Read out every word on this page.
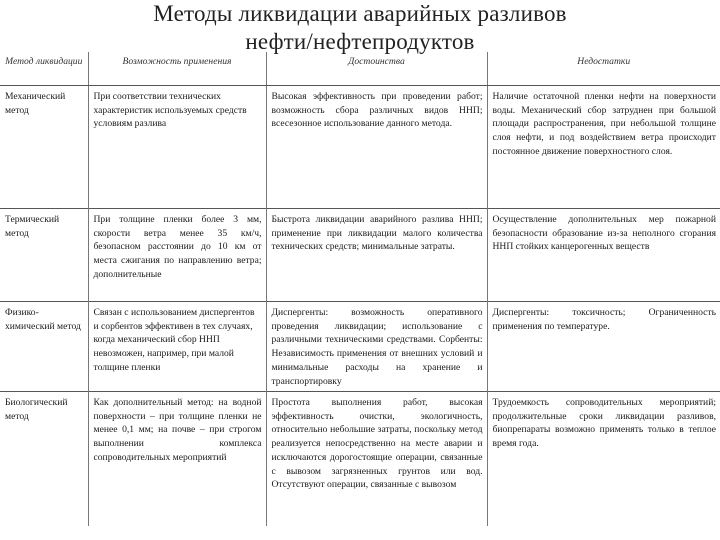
Методы ликвидации аварийных разливов нефти/нефтепродуктов
Метод ликвидации	Возможность применения	Достоинства	Недостатки
Механический метод	При соответствии технических характеристик используемых средств условиям разлива	Высокая эффективность при проведении работ; возможность сбора различных видов ННП; всесезонное использование данного метода.	Наличие остаточной пленки нефти на поверхности воды. Механический сбор затруднен при большой площади распространения, при небольшой толщине слоя нефти, и под воздействием ветра происходит постоянное движение поверхностного слоя.
Термический метод	При толщине пленки более 3 мм, скорости ветра менее 35 км/ч, безопасном расстоянии до 10 км от места сжигания по направлению ветра; дополнительные	Быстрота ликвидации аварийного разлива ННП; применение при ликвидации малого количества технических средств; минимальные затраты.	Осуществление дополнительных мер пожарной безопасности образование из-за неполного сгорания ННП стойких канцерогенных веществ
Физико-химический метод	Связан с использованием диспергентов и сорбентов эффективен в тех случаях, когда механический сбор ННП невозможен, например, при малой толщине пленки	Диспергенты: возможность оперативного проведения ликвидации; использование с различными техническими средствами. Сорбенты: Независимость применения от внешних условий и минимальные расходы на хранение и транспортировку	Диспергенты: токсичность; Ограниченность применения по температуре.
Биологический метод	Как дополнительный метод: на водной поверхности – при толщине пленки не менее 0,1 мм; на почве – при строгом выполнении комплекса сопроводительных мероприятий	Простота выполнения работ, высокая эффективность очистки, экологичность, относительно небольшие затраты, поскольку метод реализуется непосредственно на месте аварии и исключаются дорогостоящие операции, связанные с вывозом загрязненных грунтов или вод. Отсутствуют операции, связанные с вывозом	Трудоемкость сопроводительных мероприятий; продолжительные сроки ликвидации разливов, биопрепараты возможно применять только в теплое время года.
